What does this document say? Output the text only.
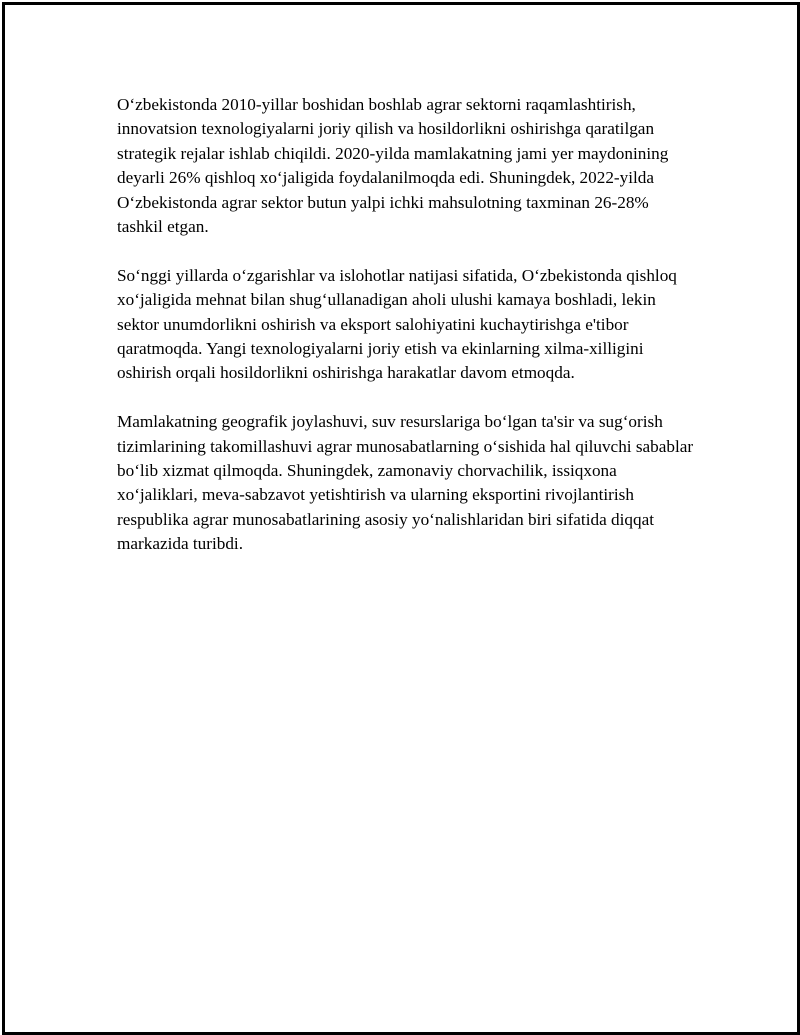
O‘zbekistonda 2010-yillar boshidan boshlab agrar sektorni raqamlashtirish, innovatsion texnologiyalarni joriy qilish va hosildorlikni oshirishga qaratilgan strategik rejalar ishlab chiqildi. 2020-yilda mamlakatning jami yer maydonining deyarli 26% qishloq xo‘jaligida foydalanilmoqda edi. Shuningdek, 2022-yilda O‘zbekistonda agrar sektor butun yalpi ichki mahsulotning taxminan 26-28% tashkil etgan.

So‘nggi yillarda o‘zgarishlar va islohotlar natijasi sifatida, O‘zbekistonda qishloq xo‘jaligida mehnat bilan shug‘ullanadigan aholi ulushi kamaya boshladi, lekin sektor unumdorlikni oshirish va eksport salohiyatini kuchaytirishga e'tibor qaratmoqda. Yangi texnologiyalarni joriy etish va ekinlarning xilma-xilligini oshirish orqali hosildorlikni oshirishga harakatlar davom etmoqda.

Mamlakatning geografik joylashuvi, suv resurslariga bo‘lgan ta'sir va sug‘orish tizimlarining takomillashuvi agrar munosabatlarning o‘sishida hal qiluvchi sabablar bo‘lib xizmat qilmoqda. Shuningdek, zamonaviy chorvachilik, issiqxona xo‘jaliklari, meva-sabzavot yetishtirish va ularning eksportini rivojlantirish respublika agrar munosabatlarining asosiy yo‘nalishlaridan biri sifatida diqqat markazida turibdi.
